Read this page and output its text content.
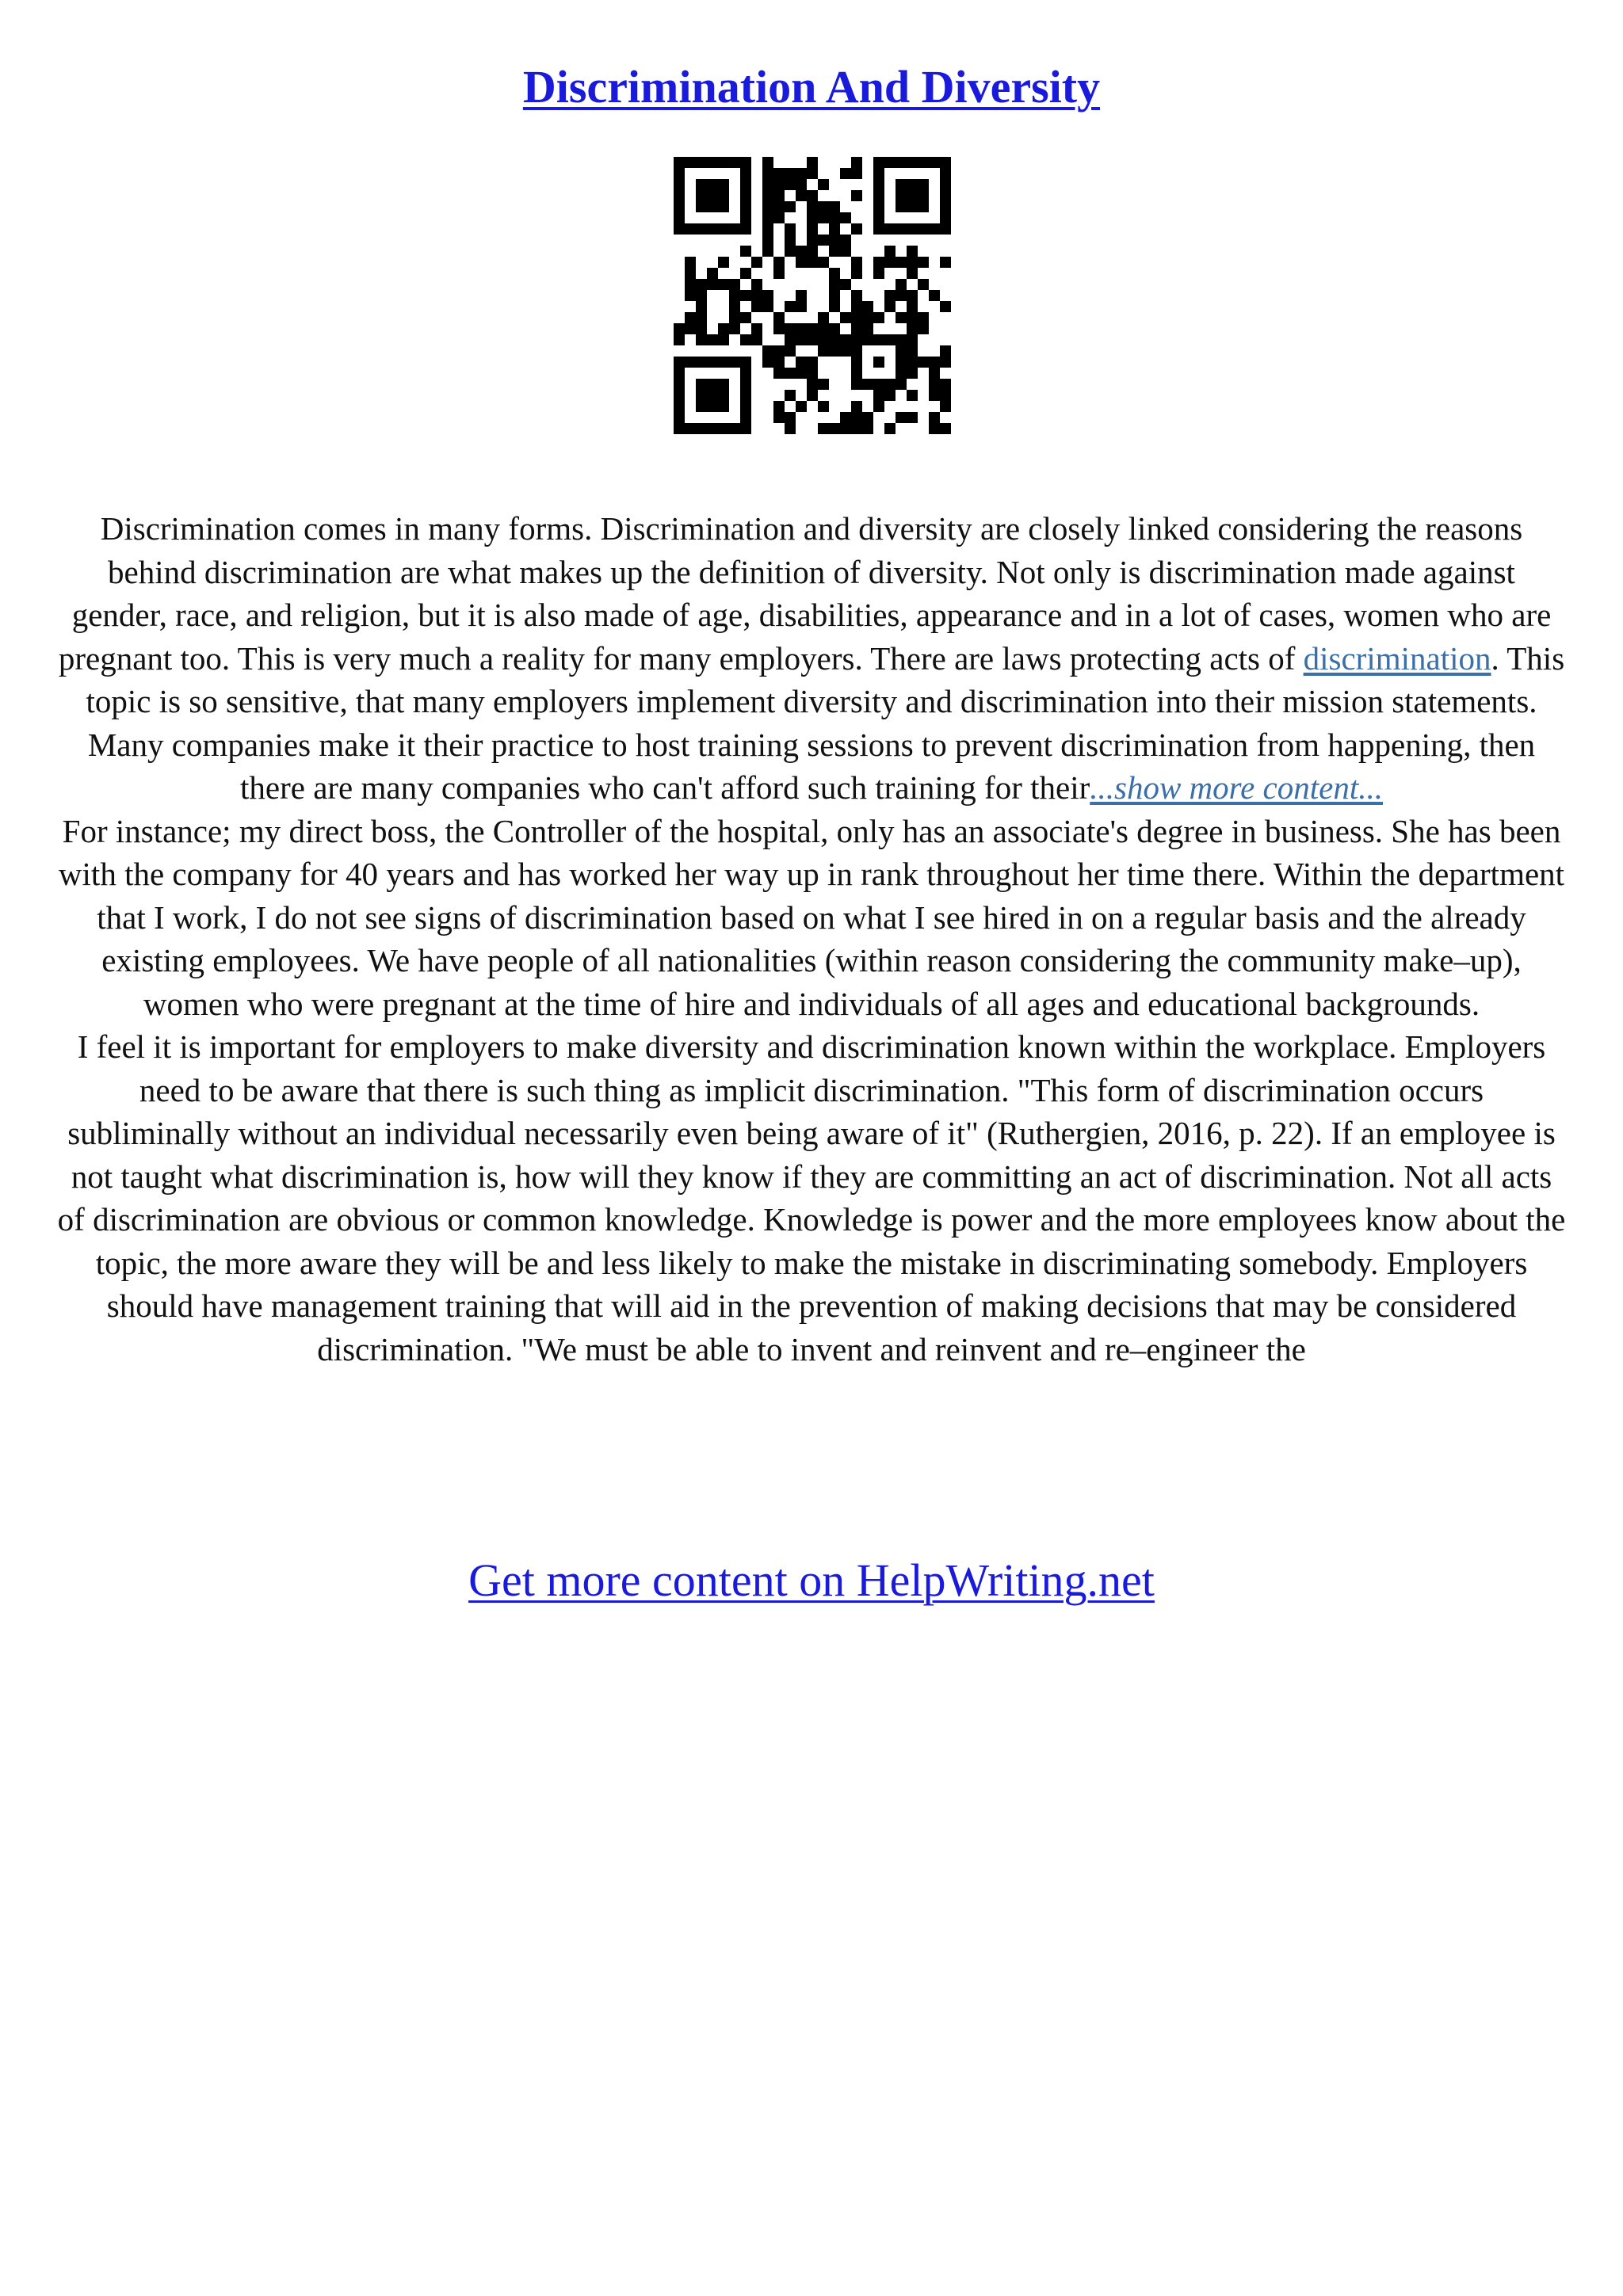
Discrimination And Diversity

Discrimination comes in many forms. Discrimination and diversity are closely linked considering the reasons behind discrimination are what makes up the definition of diversity. Not only is discrimination made against gender, race, and religion, but it is also made of age, disabilities, appearance and in a lot of cases, women who are pregnant too. This is very much a reality for many employers. There are laws protecting acts of discrimination. This topic is so sensitive, that many employers implement diversity and discrimination into their mission statements. Many companies make it their practice to host training sessions to prevent discrimination from happening, then there are many companies who can't afford such training for their...show more content...

For instance; my direct boss, the Controller of the hospital, only has an associate's degree in business. She has been with the company for 40 years and has worked her way up in rank throughout her time there. Within the department that I work, I do not see signs of discrimination based on what I see hired in on a regular basis and the already existing employees. We have people of all nationalities (within reason considering the community make–up), women who were pregnant at the time of hire and individuals of all ages and educational backgrounds.

I feel it is important for employers to make diversity and discrimination known within the workplace. Employers need to be aware that there is such thing as implicit discrimination. "This form of discrimination occurs subliminally without an individual necessarily even being aware of it" (Ruthergien, 2016, p. 22). If an employee is not taught what discrimination is, how will they know if they are committing an act of discrimination. Not all acts of discrimination are obvious or common knowledge. Knowledge is power and the more employees know about the topic, the more aware they will be and less likely to make the mistake in discriminating somebody. Employers should have management training that will aid in the prevention of making decisions that may be considered discrimination. "We must be able to invent and reinvent and re–engineer the

Get more content on HelpWriting.net
